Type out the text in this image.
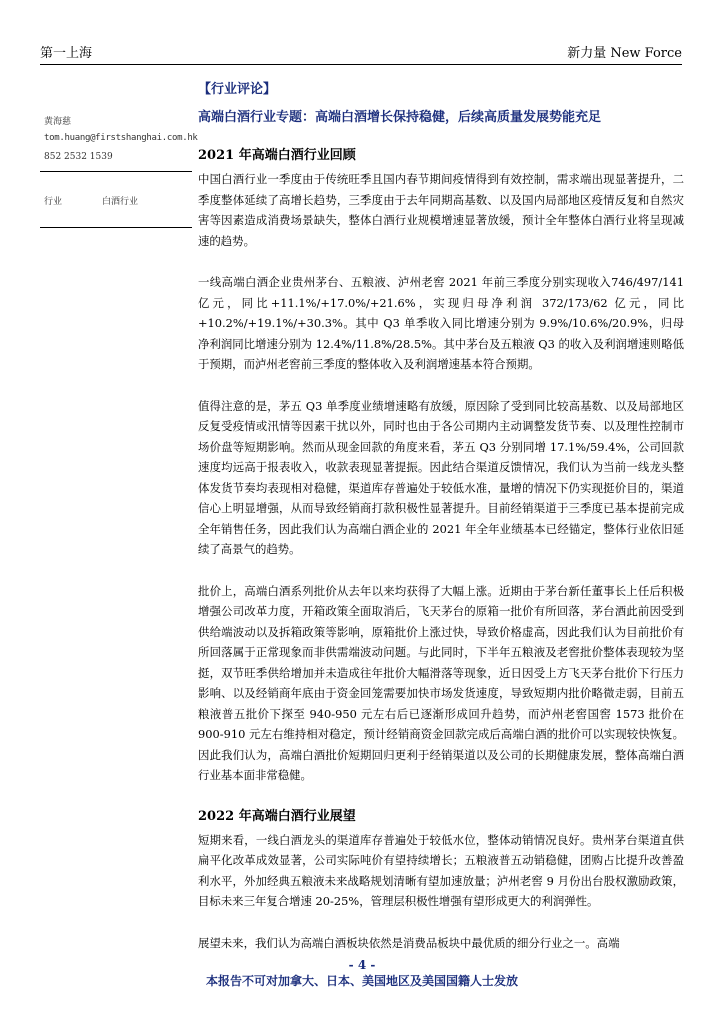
第一上海	新力量 New Force
黄海慈
tom.huang@firstshanghai.com.hk
852 2532 1539
行业	白酒行业
【行业评论】
高端白酒行业专题：高端白酒增长保持稳健，后续高质量发展势能充足
2021 年高端白酒行业回顾

中国白酒行业一季度由于传统旺季且国内春节期间疫情得到有效控制，需求端出现显著提升，二季度整体延续了高增长趋势，三季度由于去年同期高基数、以及国内局部地区疫情反复和自然灾害等因素造成消费场景缺失，整体白酒行业规模增速显著放缓，预计全年整体白酒行业将呈现减速的趋势。

一线高端白酒企业贵州茅台、五粮液、泸州老窖 2021 年前三季度分别实现收入746/497/141 亿元，同比+11.1%/+17.0%/+21.6%，实现归母净利润 372/173/62 亿元，同比+10.2%/+19.1%/+30.3%。其中 Q3 单季收入同比增速分别为 9.9%/10.6%/20.9%，归母净利润同比增速分别为 12.4%/11.8%/28.5%。其中茅台及五粮液 Q3 的收入及利润增速则略低于预期，而泸州老窖前三季度的整体收入及利润增速基本符合预期。

值得注意的是，茅五 Q3 单季度业绩增速略有放缓，原因除了受到同比较高基数、以及局部地区反复受疫情或汛情等因素干扰以外，同时也由于各公司期内主动调整发货节奏、以及理性控制市场价盘等短期影响。然而从现金回款的角度来看，茅五 Q3 分别同增 17.1%/59.4%，公司回款速度均远高于报表收入，收款表现显著提振。因此结合渠道反馈情况，我们认为当前一线龙头整体发货节奏均表现相对稳健，渠道库存普遍处于较低水准，量增的情况下仍实现挺价目的，渠道信心上明显增强，从而导致经销商打款积极性显著提升。目前经销渠道于三季度已基本提前完成全年销售任务，因此我们认为高端白酒企业的 2021 年全年业绩基本已经锚定，整体行业依旧延续了高景气的趋势。

批价上，高端白酒系列批价从去年以来均获得了大幅上涨。近期由于茅台新任董事长上任后积极增强公司改革力度，开箱政策全面取消后，飞天茅台的原箱一批价有所回落，茅台酒此前因受到供给端波动以及拆箱政策等影响，原箱批价上涨过快，导致价格虚高，因此我们认为目前批价有所回落属于正常现象而非供需端波动问题。与此同时，下半年五粮液及老窖批价整体表现较为坚挺，双节旺季供给增加并未造成往年批价大幅滑落等现象，近日因受上方飞天茅台批价下行压力影响、以及经销商年底由于资金回笼需要加快市场发货速度，导致短期内批价略微走弱，目前五粮液普五批价下探至 940-950 元左右后已逐渐形成回升趋势，而泸州老窖国窖 1573 批价在 900-910 元左右维持相对稳定，预计经销商资金回款完成后高端白酒的批价可以实现较快恢复。因此我们认为，高端白酒批价短期回归更利于经销渠道以及公司的长期健康发展，整体高端白酒行业基本面非常稳健。

2022 年高端白酒行业展望

短期来看，一线白酒龙头的渠道库存普遍处于较低水位，整体动销情况良好。贵州茅台渠道直供扁平化改革成效显著，公司实际吨价有望持续增长；五粮液普五动销稳健，团购占比提升改善盈利水平，外加经典五粮液未来战略规划清晰有望加速放量；泸州老窖 9 月份出台股权激励政策，目标未来三年复合增速 20-25%，管理层积极性增强有望形成更大的利润弹性。

展望未来，我们认为高端白酒板块依然是消费品板块中最优质的细分行业之一。高端

- 4 -
本报告不可对加拿大、日本、美国地区及美国国籍人士发放
